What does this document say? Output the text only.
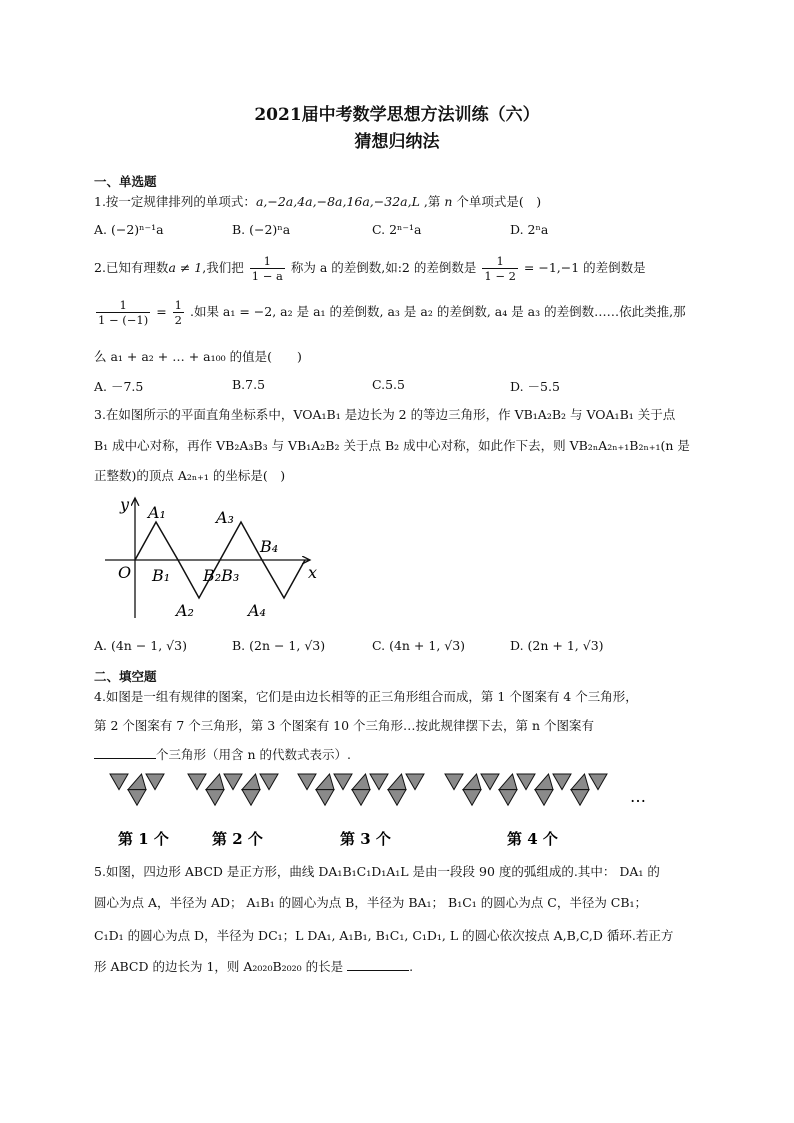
2021届中考数学思想方法训练（六）
猜想归纳法
一、单选题
1.按一定规律排列的单项式：a,−2a,4a,−8a,16a,−32a,L ,第 n 个单项式是(　)
A. (−2)ⁿ⁻¹a	B. (−2)ⁿa	C. 2ⁿ⁻¹a	D. 2ⁿa
2.已知有理数a ≠ 1,我们把 $\frac{1}{1 - a}$ 称为 a 的差倒数,如:2 的差倒数是 $\frac{1}{1 - 2} = -1,-1$ 的差倒数是
$\frac{1}{1 - (-1)} = \frac{1}{2}$ .如果 a₁ = −2, a₂ 是 a₁ 的差倒数, a₃ 是 a₂ 的差倒数, a₄ 是 a₃ 的差倒数……依此类推,那
么 a₁ + a₂ + … + a₁₀₀ 的值是(　　)
A. －7.5	B.7.5	C.5.5	D. －5.5
3.在如图所示的平面直角坐标系中，VOA₁B₁ 是边长为 2 的等边三角形，作 VB₁A₂B₂ 与 VOA₁B₁ 关于点
B₁ 成中心对称，再作 VB₂A₃B₃ 与 VB₁A₂B₂ 关于点 B₂ 成中心对称，如此作下去，则 VB₂ₙA₂ₙ₊₁B₂ₙ₊₁(n 是
正整数)的顶点 A₂ₙ₊₁ 的坐标是(　)
y
x
O
A₁	A₃
B₁ B₂B₃
B₄
A₂	A₄
A. (4n − 1, √3)	B. (2n − 1, √3)	C. (4n + 1, √3)	D. (2n + 1, √3)
二、填空题
4.如图是一组有规律的图案，它们是由边长相等的正三角形组合而成，第 1 个图案有 4 个三角形，
第 2 个图案有 7 个三角形，第 3 个图案有 10 个三角形…按此规律摆下去，第 n 个图案有
个三角形（用含 n 的代数式表示）.
…
第 1 个	第 2 个	第 3 个	第 4 个
5.如图，四边形 ABCD 是正方形，曲线 DA₁B₁C₁D₁A₁L 是由一段段 90 度的弧组成的.其中： DA₁ 的
圆心为点 A，半径为 AD； A₁B₁ 的圆心为点 B，半径为 BA₁； B₁C₁ 的圆心为点 C，半径为 CB₁；
C₁D₁ 的圆心为点 D，半径为 DC₁；L DA₁, A₁B₁, B₁C₁, C₁D₁, L 的圆心依次按点 A,B,C,D 循环.若正方
形 ABCD 的边长为 1，则 A₂₀₂₀B₂₀₂₀ 的长是	.
